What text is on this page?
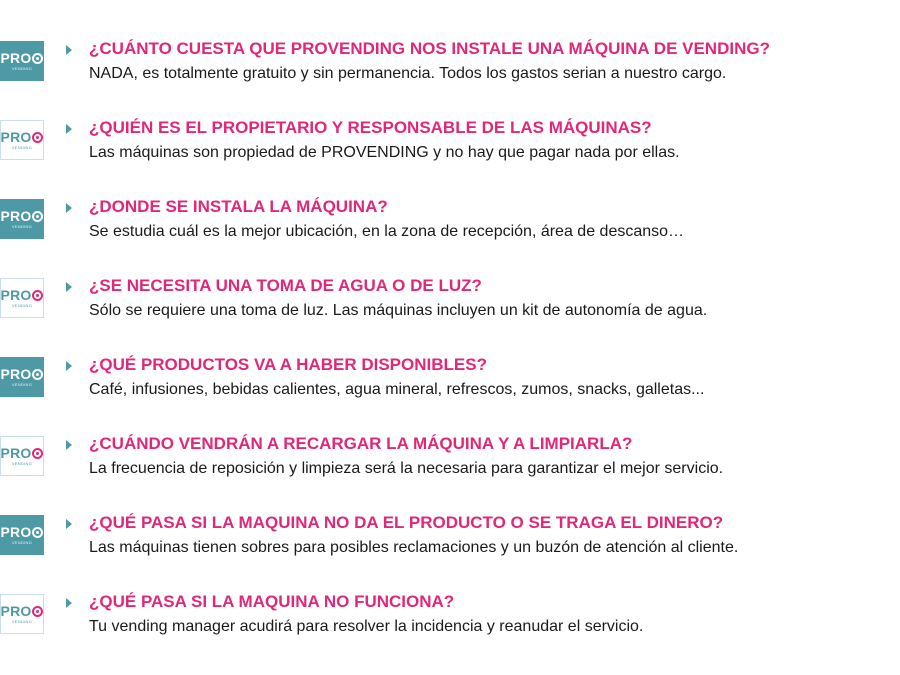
PRO
VENDING
¿CUÁNTO CUESTA QUE PROVENDING NOS INSTALE UNA MÁQUINA DE VENDING?
NADA, es totalmente gratuito y sin permanencia. Todos los gastos serian a nuestro cargo.
PRO
VENDING
¿QUIÉN ES EL PROPIETARIO Y RESPONSABLE DE LAS MÁQUINAS?
Las máquinas son propiedad de PROVENDING y no hay que pagar nada por ellas.
PRO
VENDING
¿DONDE SE INSTALA LA MÁQUINA?
Se estudia cuál es la mejor ubicación, en la zona de recepción, área de descanso…
PRO
VENDING
¿SE NECESITA UNA TOMA DE AGUA O DE LUZ?
Sólo se requiere una toma de luz. Las máquinas incluyen un kit de autonomía de agua.
PRO
VENDING
¿QUÉ PRODUCTOS VA A HABER DISPONIBLES?
Café, infusiones, bebidas calientes, agua mineral, refrescos, zumos, snacks, galletas...
PRO
VENDING
¿CUÁNDO VENDRÁN A RECARGAR LA MÁQUINA Y A LIMPIARLA?
La frecuencia de reposición y limpieza será la necesaria para garantizar el mejor servicio.
PRO
VENDING
¿QUÉ PASA SI LA MAQUINA NO DA EL PRODUCTO O SE TRAGA EL DINERO?
Las máquinas tienen sobres para posibles reclamaciones y un buzón de atención al cliente.
PRO
VENDING
¿QUÉ PASA SI LA MAQUINA NO FUNCIONA?
Tu vending manager acudirá para resolver la incidencia y reanudar el servicio.
